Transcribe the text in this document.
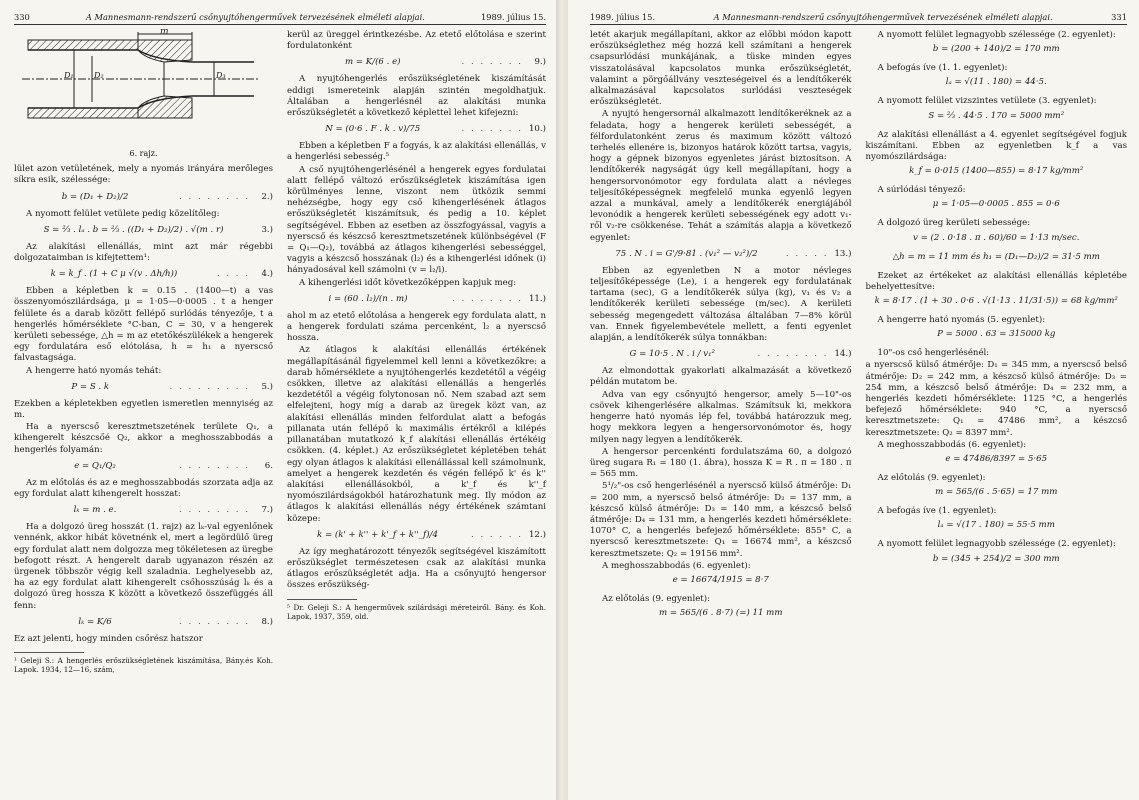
330	A Mannesmann-rendszerű csőnyujtóhengerművek tervezésének elméleti alapjai.	1989. július 15.
m
D₁	D₂	D₃
6. rajz.

lület azon vetületének, mely a nyomás irányára merőleges síkra esik, szélessége:

b = (D₁ + D₂)/2	. . . . . . . .	2.)

A nyomott felület vetülete pedig közelítőleg:

S = ²⁄₃ . lₐ . b = ²⁄₃ . ((D₁ + D₂)/2) . √(m . r)	3.)

Az alakítási ellenállás, mint azt már régebbi dolgozataimban is kifejtettem¹:

k = k_f . (1 + C μ √(v . Δh/h))	. . . .	4.)

Ebben a képletben k = 0.15 . (1400—t) a vas összenyomószilárdsága, μ = 1·05—0·0005 . t a henger felülete és a darab között fellépő surlódás tényezője, t a hengerlés hőmérséklete °C-ban, C = 30, v a hengerek kerületi sebessége, △h = m az etetőkészülékek a hengerek egy fordulatára eső elótolása, h = h₁ a nyerscső falvastagsága.

A hengerre ható nyomás tehát:

P = S . k	. . . . . . . . .	5.)

Ezekben a képletekben egyetlen ismeretlen mennyiség az m.

Ha a nyerscső keresztmetszetének területe Q₁, a kihengerelt készcsőé Q₂, akkor a meghosszabbodás a hengerlés folyamán:

e = Q₁/Q₂	. . . . . . . .	6.

Az m előtolás és az e meghosszabbodás szorzata adja az egy fordulat alatt kihengerelt hosszat:

lₖ = m . e.	. . . . . . . .	7.)

Ha a dolgozó üreg hosszát (1. rajz) az lₖ-val egyenlőnek vennénk, akkor hibát követnénk el, mert a legördülő üreg egy fordulat alatt nem dolgozza meg tökéletesen az üregbe befogott részt. A hengerelt darab ugyanazon részén az ürgenek többször végig kell szaladnia. Leghelyesebb az, ha az egy fordulat alatt kihengerelt csőhosszúság lₖ és a dolgozó üreg hossza K között a következő összefüggés áll fenn:

lₖ = K/6	. . . . . . . .	8.)

Ez azt jelenti, hogy minden csőrész hatszor

¹ Geleji S.: A hengerlés erőszükségletének kiszámítása, Bány.és Koh. Lapok. 1934, 12—16, szám,

kerül az üreggel érintkezésbe. Az etető előtolása e szerint fordulatonként

m = K/(6 . e)	. . . . . . .	9.)

A nyujtóhengerlés erőszükségletének kiszámítását eddigi ismereteink alapján szintén megoldhatjuk. Általában a hengerlésnél az alakítási munka erőszükségletét a következő képlettel lehet kifejezni:

N = (0·6 . F . k . v)/75	. . . . . . . 10.)

Ebben a képletben F a fogyás, k az alakítási ellenállás, v a hengerlési sebesség.⁵

A cső nyujtóhengerlésénél a hengerek egyes fordulatai alatt fellépő változó erőszükségletek kiszámítása igen körülményes lenne, viszont nem ütközik semmi nehézségbe, hogy egy cső kihengerlésének átlagos erőszükségletét kiszámítsuk, és pedig a 10. képlet segítségével. Ebben az esetben az összfogyással, vagyis a nyerscső és készcső keresztmetszetének különbségével (F = Q₁—Q₂), továbbá az átlagos kihengerlési sebességgel, vagyis a készcső hosszának (l₂) és a kihengerlési időnek (i) hányadosával kell számolni (v = l₂/i).

A kihengerlési időt következőképpen kapjuk meg:

i = (60 . l₂)/(n . m)	. . . . . . . . 11.)

ahol m az etető előtolása a hengerek egy fordulata alatt, n a hengerek fordulati száma percenként, l₂ a nyerscső hossza.

Az átlagos k alakítási ellenállás értékének megállapításánál figyelemmel kell lenni a következőkre: a darab hőmérséklete a nyujtóhengerlés kezdetétől a végéig csökken, illetve az alakítási ellenállás a hengerlés kezdetétől a végéig folytonosan nő. Nem szabad azt sem elfelejteni, hogy míg a darab az üregek közt van, az alakítási ellenállás minden felfordulat alatt a befogás pillanata után fellépő kᵢ maximális értékről a kilépés pillanatában mutatkozó k_f alakítási ellenállás értékéig csökken. (4. képlet.) Az erőszükségletet képletében tehát egy olyan átlagos k alakítási ellenállással kell számolnunk, amelyet a hengerek kezdetén és végén fellépő k' és k'' alakítási ellenállásokból, a k'_f és k''_f nyomószilárdságokból határozhatunk meg. Ily módon az átlagos k alakítási ellenállás négy értékének számtani közepe:

k = (k' + k'' + k'_f + k''_f)/4	. . . . . . 12.)

Az így meghatározott tényezők segítségével kiszámított erőszükséglet természetesen csak az alakítási munka átlagos erőszükségletét adja. Ha a csőnyujtó hengersor összes erőszükség-

⁵ Dr. Geleji S.: A hengerművek szilárdsági méreteiről. Bány. és Koh. Lapok, 1937, 359, old.
1989. július 15.	A Mannesmann-rendszerű csőnyujtóhengerművek tervezésének elméleti alapjai.	331

letét akarjuk megállapítani, akkor az előbbi módon kapott erőszükséglethez még hozzá kell számítani a hengerek csapsurlódási munkájának, a tüske minden egyes visszatolásával kapcsolatos munka erőszükségletét, valamint a pörgőállvány veszteségeivel és a lendítőkerék alkalmazásával kapcsolatos surlódási veszteségek erőszükségletét.

A nyujtó hengersornál alkalmazott lendítőkeréknek az a feladata, hogy a hengerek kerületi sebességét, a félfordulatonként zerus és maximum között változó terhelés ellenére is, bizonyos határok között tartsa, vagyis, hogy a gépnek bizonyos egyenletes járást biztosítson. A lendítőkerék nagyságát úgy kell megállapítani, hogy a hengersorvonómotor egy fordulata alatt a névleges teljesítőképességnek megfelelő munka egyenlő legyen azzal a munkával, amely a lendítőkerék energiájából levonódik a hengerek kerületi sebességének egy adott v₁-ről v₂-re csökkenése. Tehát a számítás alapja a következő egyenlet:

75 . N . i = G'/9·81 . (v₁² — v₂²)/2	. . . . . 13.)

Ebben az egyenletben N a motor névleges teljesítőképessége (Le), i a hengerek egy fordulatának tartama (sec), G a lendítőkerék súlya (kg), v₁ és v₂ a lendítőkerék kerületi sebessége (m/sec). A kerületi sebesség megengedett változása általában 7—8% körül van. Ennek figyelembevétele mellett, a fenti egyenlet alapján, a lendítőkerék súlya tonnákban:

G = 10·5 . N . i / v₁²	. . . . . . . . 14.)

Az elmondottak gyakorlati alkalmazását a következő példán mutatom be.

Adva van egy csőnyujtó hengersor, amely 5—10"-os csövek kihengerlésére alkalmas. Számítsuk ki, mekkora hengerre ható nyomás lép fel, továbbá határozzuk meg, hogy mekkora legyen a hengersorvonómotor és, hogy milyen nagy legyen a lendítőkerék.

A hengersor percenkénti fordulatszáma 60, a dolgozó üreg sugara R₁ = 180 (1. ábra), hossza K = R . π = 180 . π = 565 mm.

5¹/₂"-os cső hengerlésénél a nyerscső külső átmérője: D₁ = 200 mm, a nyerscső belső átmérője: D₂ = 137 mm, a készcső külső átmérője: D₃ = 140 mm, a készcső belső átmérője: D₄ = 131 mm, a hengerlés kezdeti hőmérséklete: 1070° C, a hengerlés befejező hőmérséklete: 855° C, a nyerscső keresztmetszete: Q₁ = 16674 mm², a készcső keresztmetszete: Q₂ = 19156 mm².

A meghosszabbodás (6. egyenlet):

e = 16674/1915 = 8·7

Az előtolás (9. egyenlet):

m = 565/(6 . 8·7) (=) 11 mm

A nyomott felület legnagyobb szélessége (2. egyenlet):

b = (200 + 140)/2 = 170 mm

A befogás íve (1. 1. egyenlet):

lₐ = √(11 . 180) = 44·5.

A nyomott felület vizszintes vetülete (3. egyenlet):

S = ²⁄₃ . 44·5 . 170 = 5000 mm²

Az alakítási ellenállást a 4. egyenlet segítségével fogjuk kiszámítani. Ebben az egyenletben k_f a vas nyomószilárdsága:

k_f = 0·015 (1400—855) = 8·17 kg/mm²

A súrlódási tényező:

μ = 1·05—0·0005 . 855 = 0·6

A dolgozó üreg kerületi sebessége:

v = (2 . 0·18 . π . 60)/60 = 1·13 m/sec.
△h = m = 11 mm és h₁ = (D₁—D₂)/2 = 31·5 mm

Ezeket az értékeket az alakítási ellenállás képletébe behelyettesítve:

k = 8·17 . (1 + 30 . 0·6 . √(1·13 . 11/31·5)) = 68 kg/mm²

A hengerre ható nyomás (5. egyenlet):

P = 5000 . 63 = 315000 kg

10"-os cső hengerlésénél:

a nyerscső külső átmérője: D₁ = 345 mm, a nyerscső belső átmérője: D₂ = 242 mm, a készcső külső átmérője: D₃ = 254 mm, a készcső belső átmérője: D₄ = 232 mm, a hengerlés kezdeti hőmérséklete: 1125 °C, a hengerlés befejező hőmérséklete: 940 °C, a nyerscső keresztmetszete: Q₁ = 47486 mm², a készcső keresztmetszete: Q₂ = 8397 mm².

A meghosszabbodás (6. egyenlet):

e = 47486/8397 = 5·65

Az előtolás (9. egyenlet):

m = 565/(6 . 5·65) = 17 mm

A befogás íve (1. egyenlet):

lₐ = √(17 . 180) = 55·5 mm

A nyomott felület legnagyobb szélessége (2. egyenlet):

b = (345 + 254)/2 = 300 mm
